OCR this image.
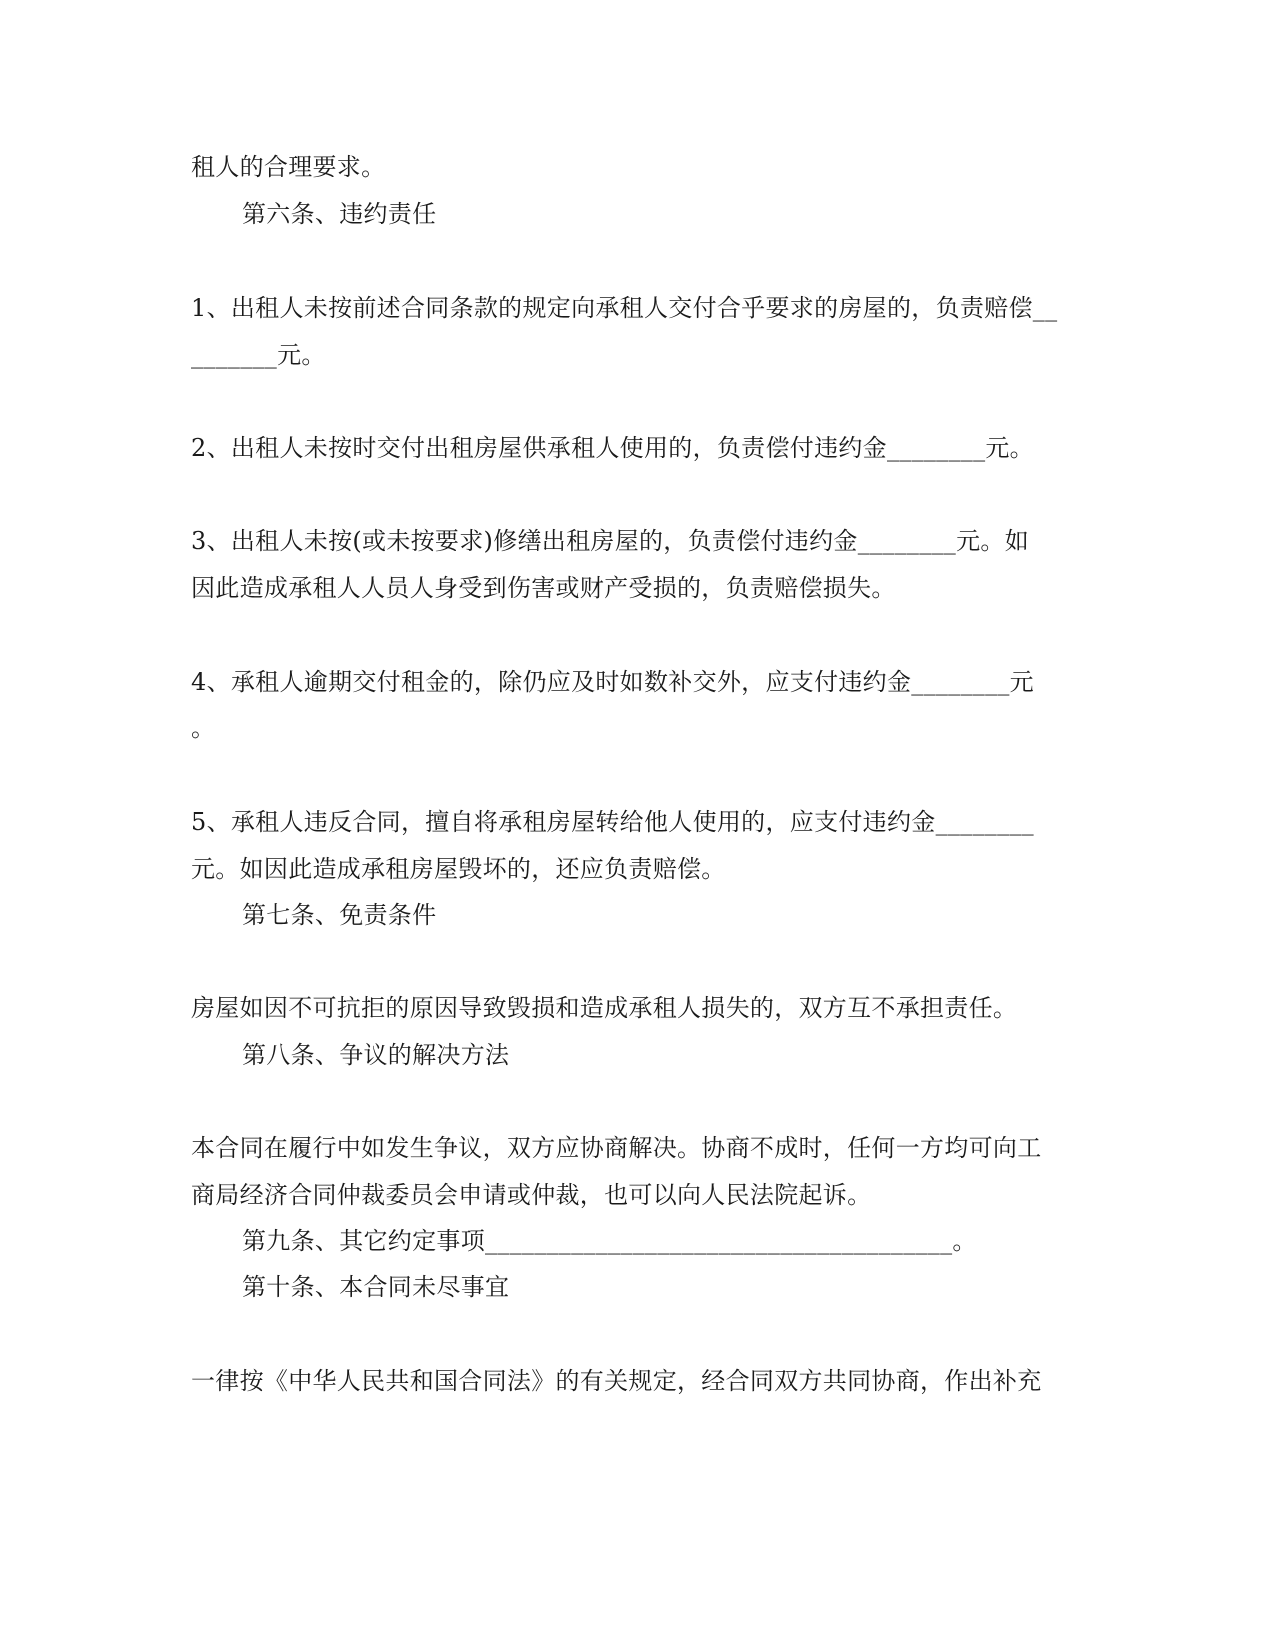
租人的合理要求。
第六条、违约责任
1、出租人未按前述合同条款的规定向承租人交付合乎要求的房屋的，负责赔偿__
_______元。
2、出租人未按时交付出租房屋供承租人使用的，负责偿付违约金________元。
3、出租人未按(或未按要求)修缮出租房屋的，负责偿付违约金________元。如
因此造成承租人人员人身受到伤害或财产受损的，负责赔偿损失。
4、承租人逾期交付租金的，除仍应及时如数补交外，应支付违约金________元
。
5、承租人违反合同，擅自将承租房屋转给他人使用的，应支付违约金________
元。如因此造成承租房屋毁坏的，还应负责赔偿。
第七条、免责条件
房屋如因不可抗拒的原因导致毁损和造成承租人损失的，双方互不承担责任。
第八条、争议的解决方法
本合同在履行中如发生争议，双方应协商解决。协商不成时，任何一方均可向工
商局经济合同仲裁委员会申请或仲裁，也可以向人民法院起诉。
第九条、其它约定事项______________________________________。
第十条、本合同未尽事宜
一律按《中华人民共和国合同法》的有关规定，经合同双方共同协商，作出补充
